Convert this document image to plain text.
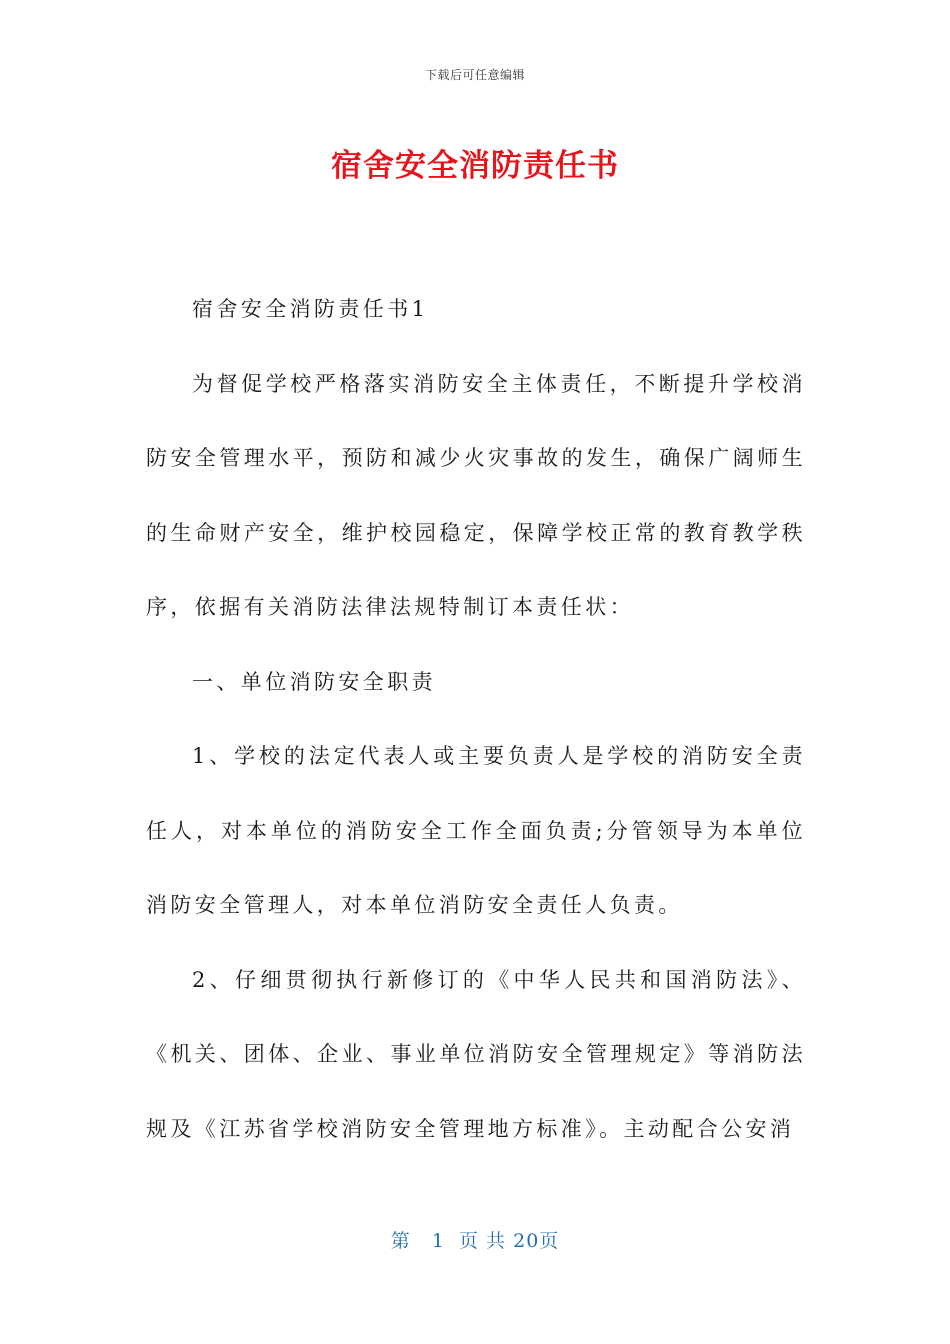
下载后可任意编辑
宿舍安全消防责任书

宿舍安全消防责任书1

为督促学校严格落实消防安全主体责任，不断提升学校消防安全管理水平，预防和减少火灾事故的发生，确保广阔师生的生命财产安全，维护校园稳定，保障学校正常的教育教学秩序，依据有关消防法律法规特制订本责任状：

一、单位消防安全职责

1、学校的法定代表人或主要负责人是学校的消防安全责任人，对本单位的消防安全工作全面负责;分管领导为本单位消防安全管理人，对本单位消防安全责任人负责。

2、仔细贯彻执行新修订的《中华人民共和国消防法》、《机关、团体、企业、事业单位消防安全管理规定》等消防法规及《江苏省学校消防安全管理地方标准》。主动配合公安消

第 1 页 共 20页
